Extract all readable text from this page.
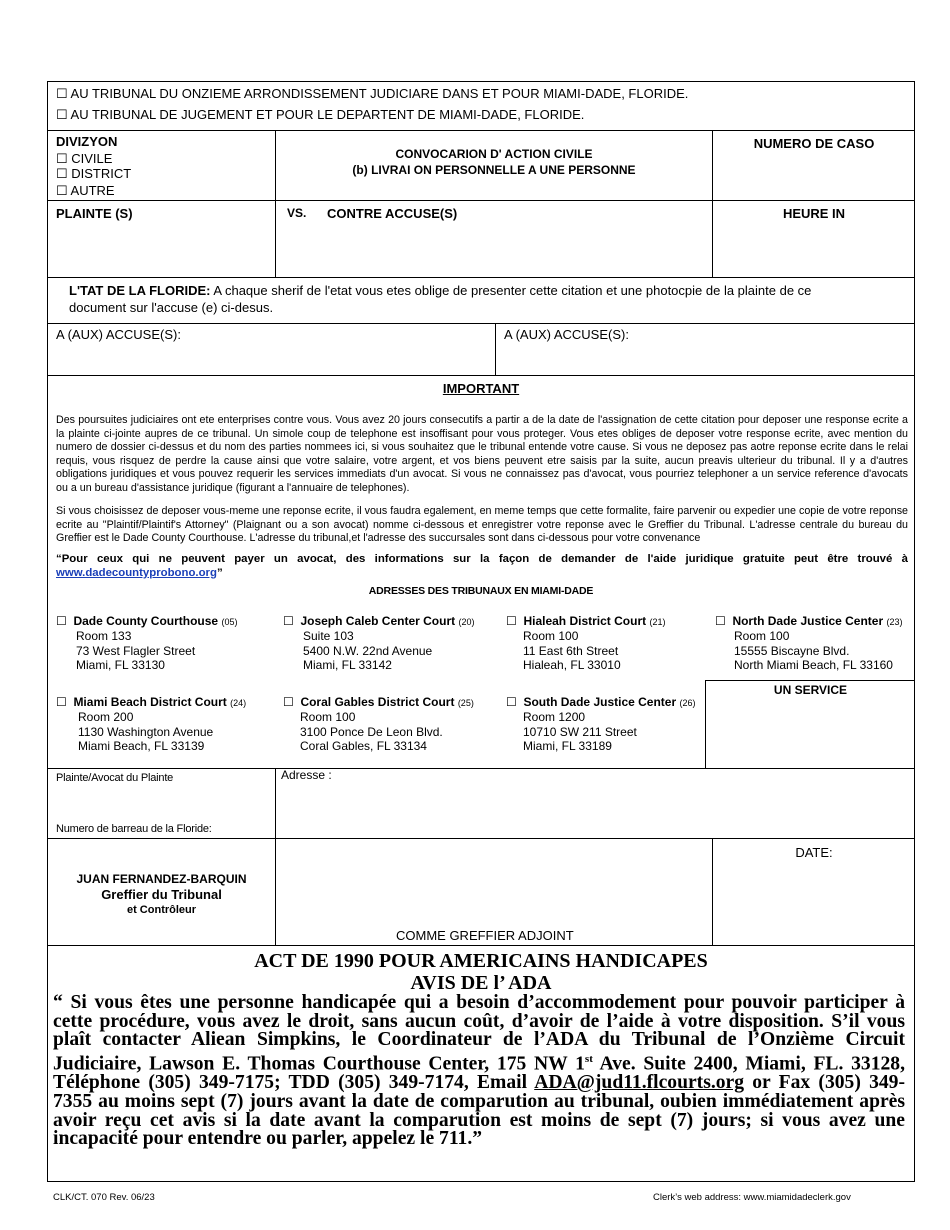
☐ AU TRIBUNAL DU ONZIEME ARRONDISSEMENT JUDICIARE DANS ET POUR MIAMI-DADE, FLORIDE.
☐ AU TRIBUNAL DE JUGEMENT ET POUR LE DEPARTENT DE MIAMI-DADE, FLORIDE.
DIVIZYON
☐ CIVILE
☐ DISTRICT
☐ AUTRE
CONVOCARION D' ACTION CIVILE
(b) LIVRAI ON PERSONNELLE A UNE PERSONNE
NUMERO DE CASO
PLAINTE (S)	VS. CONTRE ACCUSE(S)	HEURE IN
L'TAT DE LA FLORIDE: A chaque sherif de l'etat vous etes oblige de presenter cette citation et une photocpie de la plainte de ce
document sur l'accuse (e) ci-desus.
A (AUX) ACCUSE(S):	A (AUX) ACCUSE(S):
IMPORTANT
Des poursuites judiciaires ont ete enterprises contre vous. Vous avez 20 jours consecutifs a partir a de la date de l'assignation de cette citation pour deposer une response ecrite a la plainte ci-jointe aupres de ce tribunal. Un simole coup de telephone est insoffisant pour vous proteger. Vous etes obliges de deposer votre response ecrite, avec mention du numero de dossier ci-dessus et du nom des parties nommees ici, si vous souhaitez que le tribunal entende votre cause. Si vous ne deposez pas aotre reponse ecrite dans le relai requis, vous risquez de perdre la cause ainsi que votre salaire, votre argent, et vos biens peuvent etre saisis par la suite, aucun preavis ulterieur du tribunal. Il y a d'autres obligations juridiques et vous pouvez requerir les services immediats d'un avocat. Si vous ne connaissez pas d'avocat, vous pourriez telephoner a un service reference d'avocats ou a un bureau d'assistance juridique (figurant a l'annuaire de telephones).
Si vous choisissez de deposer vous-meme une reponse ecrite, il vous faudra egalement, en meme temps que cette formalite, faire parvenir ou expedier une copie de votre reponse ecrite au "Plaintif/Plaintif's Attorney" (Plaignant ou a son avocat) nomme ci-dessous et enregistrer votre reponse avec le Greffier du Tribunal. L'adresse centrale du bureau du Greffier est le Dade County Courthouse. L'adresse du tribunal,et l'adresse des succursales sont dans ci-dessous pour votre convenance
“Pour ceux qui ne peuvent payer un avocat, des informations sur la façon de demander de l'aide juridique gratuite peut être trouvé à www.dadecountyprobono.org”
ADRESSES DES TRIBUNAUX EN MIAMI-DADE
☐ Dade County Courthouse (05)
Room 133
73 West Flagler Street
Miami, FL 33130
☐ Joseph Caleb Center Court (20)
Suite 103
5400 N.W. 22nd Avenue
Miami, FL 33142
☐ Hialeah District Court (21)
Room 100
11 East 6th Street
Hialeah, FL 33010
☐ North Dade Justice Center (23)
Room 100
15555 Biscayne Blvd.
North Miami Beach, FL 33160
☐ Miami Beach District Court (24)
Room 200
1130 Washington Avenue
Miami Beach, FL 33139
☐ Coral Gables District Court (25)
Room 100
3100 Ponce De Leon Blvd.
Coral Gables, FL 33134
☐ South Dade Justice Center (26)
Room 1200
10710 SW 211 Street
Miami, FL 33189
UN SERVICE
Plainte/Avocat du Plainte	Adresse :
Numero de barreau de la Floride:
JUAN FERNANDEZ-BARQUIN
Greffier du Tribunal
et Contrôleur
DATE:
COMME GREFFIER ADJOINT
ACT DE 1990 POUR AMERICAINS HANDICAPES
AVIS DE l’ ADA
“ Si vous êtes une personne handicapée qui a besoin d’accommodement pour pouvoir participer à cette procédure, vous avez le droit, sans aucun coût, d’avoir de l’aide à votre disposition. S’il vous plaît contacter Aliean Simpkins, le Coordinateur de l’ADA du Tribunal de l’Onzième Circuit Judiciaire, Lawson E. Thomas Courthouse Center, 175 NW 1st Ave. Suite 2400, Miami, FL. 33128, Téléphone (305) 349-7175; TDD (305) 349-7174, Email ADA@jud11.flcourts.org or Fax (305) 349-7355 au moins sept (7) jours avant la date de comparution au tribunal, oubien immédiatement après avoir reçu cet avis si la date avant la comparution est moins de sept (7) jours; si vous avez une incapacité pour entendre ou parler, appelez le 711.”
CLK/CT. 070 Rev. 06/23	Clerk’s web address: www.miamidadeclerk.gov
